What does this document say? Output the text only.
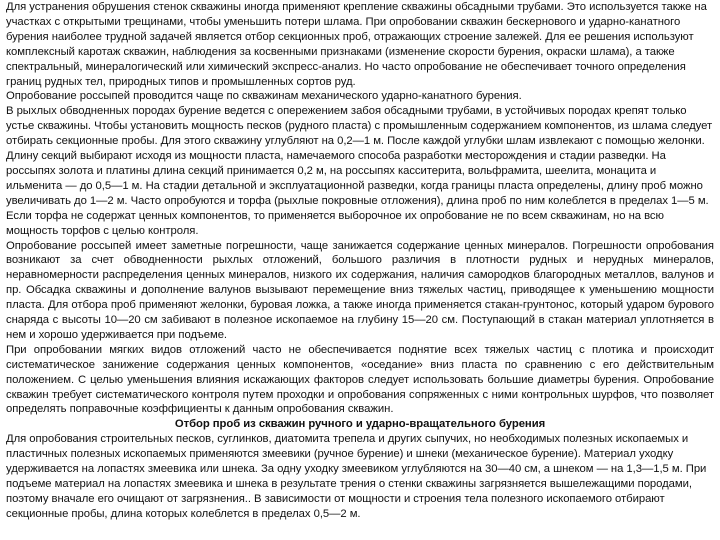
Для устранения обрушения стенок скважины иногда применяют крепление скважины обсадными трубами. Это используется также на участках с открытыми трещинами, чтобы уменьшить потери шлама. При опробовании скважин бескернового и ударно-канатного бурения наиболее трудной задачей является отбор секционных проб, отражающих строение залежей. Для ее решения используют комплексный каротаж скважин, наблюдения за косвенными признаками (изменение скорости бурения, окраски шлама), а также спектральный, минералогический или химический экспресс-анализ. Но часто опробование не обеспечивает точного определения границ рудных тел, природных типов и промышленных сортов руд.

Опробование россыпей проводится чаще по скважинам механического ударно-канатного бурения.

В рыхлых обводненных породах бурение ведется с опережением забоя обсадными трубами, в устойчивых породах крепят только устье скважины. Чтобы установить мощность песков (рудного пласта) с промышленным содержанием компонентов, из шлама следует отбирать секционные пробы. Для этого скважину углубляют на 0,2—1 м. После каждой углубки шлам извлекают с помощью желонки. Длину секций выбирают исходя из мощности пласта, намечаемого способа разработки месторождения и стадии разведки. На россыпях золота и платины длина секций принимается 0,2 м, на россыпях касситерита, вольфрамита, шеелита, монацита и ильменита — до 0,5—1 м. На стадии детальной и эксплуатационной разведки, когда границы пласта определены, длину проб можно увеличивать до 1—2 м. Часто опробуются и торфа (рыхлые покровные отложения), длина проб по ним колеблется в пределах 1—5 м. Если торфа не содержат ценных компонентов, то применяется выборочное их опробование не по всем скважинам, но на всю мощность торфов с целью контроля.

Опробование россыпей имеет заметные погрешности, чаще занижается содержание ценных минералов. Погрешности опробования возникают за счет обводненности рыхлых отложений, большого различия в плотности рудных и нерудных минералов, неравномерности распределения ценных минералов, низкого их содержания, наличия самородков благородных металлов, валунов и пр. Обсадка скважины и дополнение валунов вызывают перемещение вниз тяжелых частиц, приводящее к уменьшению мощности пласта. Для отбора проб применяют желонки, буровая ложка, а также иногда применяется стакан-грунтонос, который ударом бурового снаряда с высоты 10—20 см забивают в полезное ископаемое на глубину 15—20 см. Поступающий в стакан материал уплотняется в нем и хорошо удерживается при подъеме.

При опробовании мягких видов отложений часто не обеспечивается поднятие всех тяжелых частиц с плотика и происходит систематическое занижение содержания ценных компонентов, «оседание» вниз пласта по сравнению с его действительным положением. С целью уменьшения влияния искажающих факторов следует использовать большие диаметры бурения. Опробование скважин требует систематического контроля путем проходки и опробования сопряженных с ними контрольных шурфов, что позволяет определять поправочные коэффициенты к данным опробования скважин.

Отбор проб из скважин ручного и ударно-вращательного бурения

Для опробования строительных песков, суглинков, диатомита трепела и других сыпучих, но необходимых полезных ископаемых и пластичных полезных ископаемых применяются змеевики (ручное бурение) и шнеки (механическое бурение). Материал уходку удерживается на лопастях змеевика или шнека. За одну уходку змеевиком углубляются на 30—40 см, а шнеком — на 1,3—1,5 м. При подъеме материал на лопастях змеевика и шнека в результате трения о стенки скважины загрязняется вышележащими породами, поэтому вначале его очищают от загрязнения.. В зависимости от мощности и строения тела полезного ископаемого отбирают секционные пробы, длина которых колеблется в пределах 0,5—2 м.
